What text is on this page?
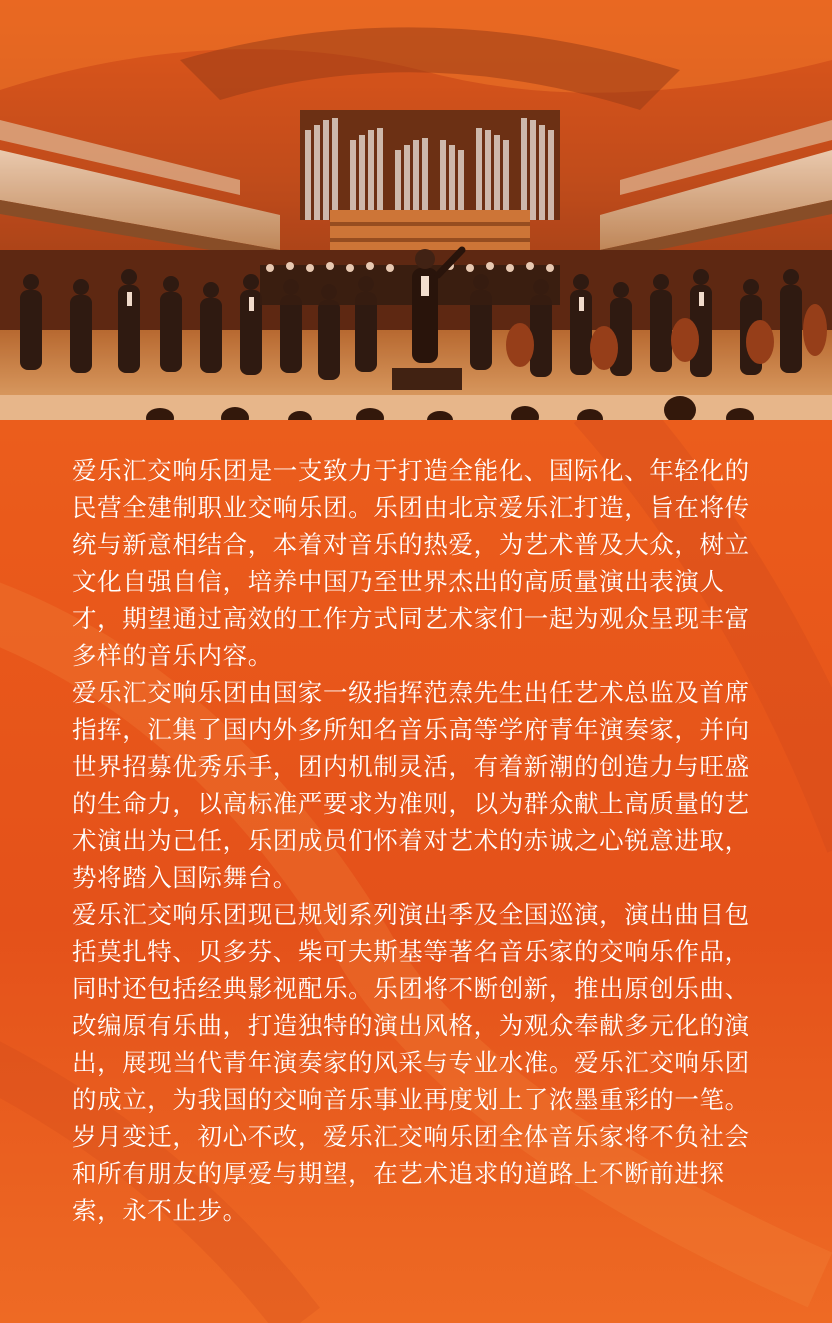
爱乐汇交响乐团是一支致力于打造全能化、国际化、年轻化的民营全建制职业交响乐团。乐团由北京爱乐汇打造，旨在将传统与新意相结合，本着对音乐的热爱，为艺术普及大众，树立文化自强自信，培养中国乃至世界杰出的高质量演出表演人才，期望通过高效的工作方式同艺术家们一起为观众呈现丰富多样的音乐内容。

爱乐汇交响乐团由国家一级指挥范焘先生出任艺术总监及首席指挥，汇集了国内外多所知名音乐高等学府青年演奏家，并向世界招募优秀乐手，团内机制灵活，有着新潮的创造力与旺盛的生命力，以高标准严要求为准则，以为群众献上高质量的艺术演出为己任，乐团成员们怀着对艺术的赤诚之心锐意进取，势将踏入国际舞台。

爱乐汇交响乐团现已规划系列演出季及全国巡演，演出曲目包括莫扎特、贝多芬、柴可夫斯基等著名音乐家的交响乐作品，同时还包括经典影视配乐。乐团将不断创新，推出原创乐曲、改编原有乐曲，打造独特的演出风格，为观众奉献多元化的演出，展现当代青年演奏家的风采与专业水准。爱乐汇交响乐团的成立，为我国的交响音乐事业再度划上了浓墨重彩的一笔。岁月变迁，初心不改，爱乐汇交响乐团全体音乐家将不负社会和所有朋友的厚爱与期望，在艺术追求的道路上不断前进探索，永不止步。
